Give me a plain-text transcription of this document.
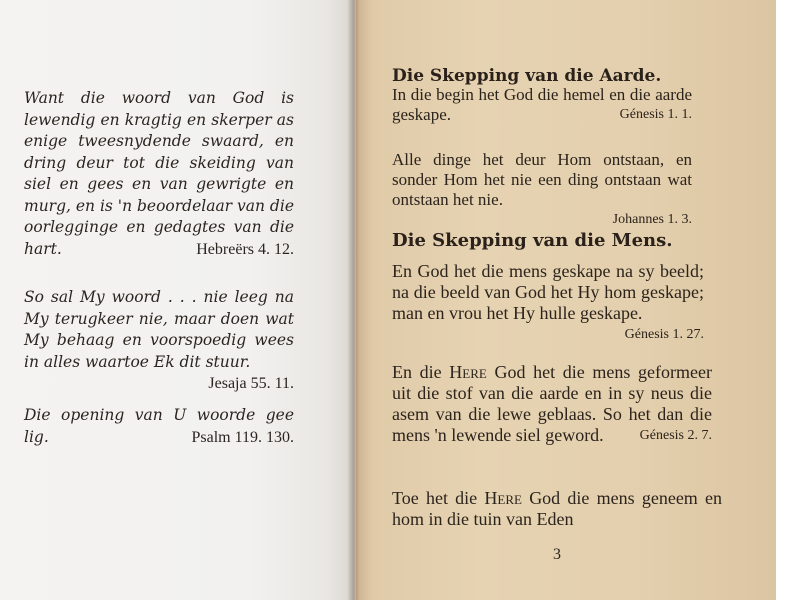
Want die woord van God is lewendig en kragtig en skerper as enige tweesnydende swaard, en dring deur tot die skeiding van siel en gees en van gewrigte en murg, en is 'n beoordelaar van die oorlegginge en gedagtes van die hart.	Hebreërs 4. 12.
So sal My woord . . . nie leeg na My terugkeer nie, maar doen wat My behaag en voorspoedig wees in alles waartoe Ek dit stuur.
Jesaja 55. 11.
Die opening van U woorde gee lig.	Psalm 119. 130.
Die Skepping van die Aarde.
In die begin het God die hemel en die aarde geskape.	Génesis 1. 1.
Alle dinge het deur Hom ontstaan, en sonder Hom het nie een ding ontstaan wat ontstaan het nie.
Johannes 1. 3.
Die Skepping van die Mens.
En God het die mens geskape na sy beeld; na die beeld van God het Hy hom geskape; man en vrou het Hy hulle geskape.
Génesis 1. 27.
En die Here God het die mens geformeer uit die stof van die aarde en in sy neus die asem van die lewe geblaas. So het dan die mens 'n lewende siel geword.	Génesis 2. 7.
Toe het die Here God die mens geneem en hom in die tuin van Eden
3
